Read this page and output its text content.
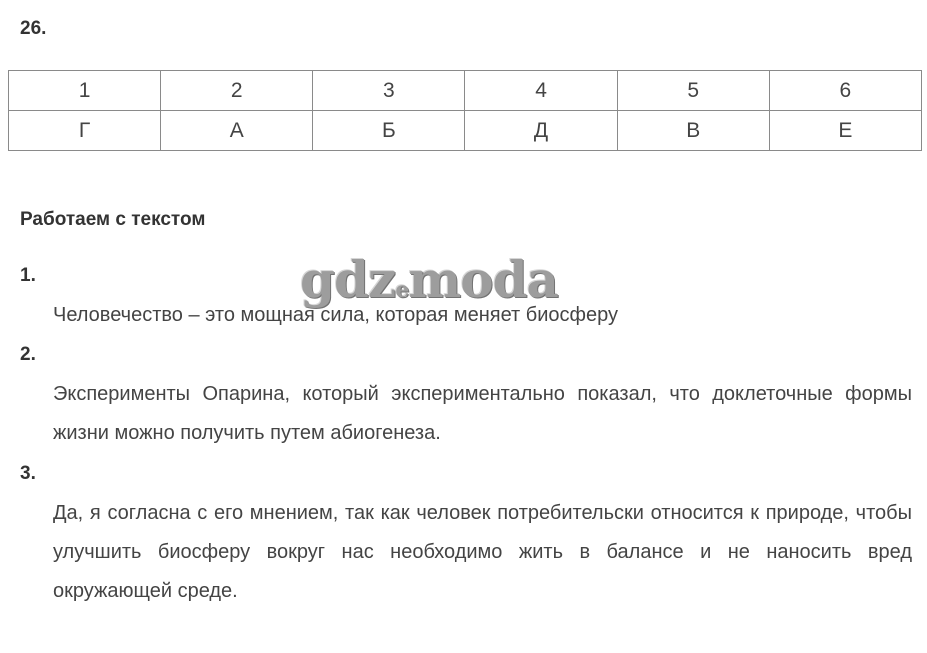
26.
1	2	3	4	5	6
Г	А	Б	Д	В	Е
Работаем с текстом
gdzemoda
1.
Человечество – это мощная сила, которая меняет биосферу
2.
Эксперименты Опарина, который экспериментально показал, что доклеточные формы жизни можно получить путем абиогенеза.
3.
Да, я согласна с его мнением, так как человек потребительски относится к природе, чтобы улучшить биосферу вокруг нас необходимо жить в балансе и не наносить вред окружающей среде.
